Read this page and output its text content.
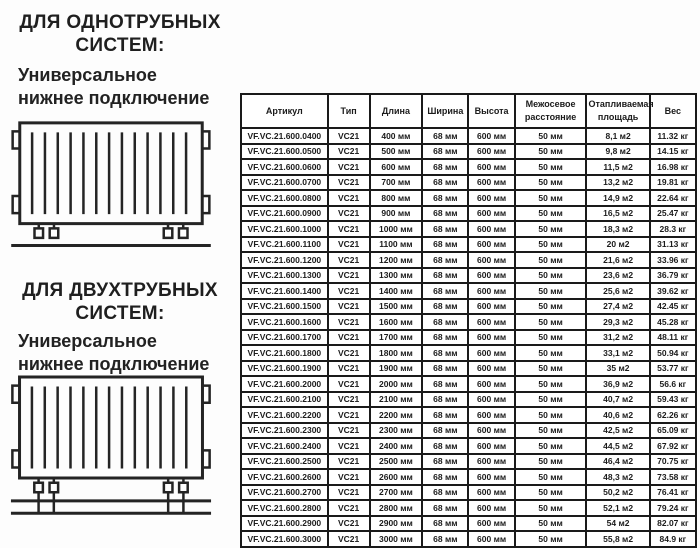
ДЛЯ ОДНОТРУБНЫХ
СИСТЕМ:
Универсальное
нижнее подключение
ДЛЯ ДВУХТРУБНЫХ
СИСТЕМ:
Универсальное
нижнее подключение
Артикул	Тип	Длина	Ширина	Высота	Межосевое расстояние	Отапливаемая площадь	Вес
VF.VC.21.600.0400	VC21	400 мм	68 мм	600 мм	50 мм	8,1 м2	11.32 кг
VF.VC.21.600.0500	VC21	500 мм	68 мм	600 мм	50 мм	9,8 м2	14.15 кг
VF.VC.21.600.0600	VC21	600 мм	68 мм	600 мм	50 мм	11,5 м2	16.98 кг
VF.VC.21.600.0700	VC21	700 мм	68 мм	600 мм	50 мм	13,2 м2	19.81 кг
VF.VC.21.600.0800	VC21	800 мм	68 мм	600 мм	50 мм	14,9 м2	22.64 кг
VF.VC.21.600.0900	VC21	900 мм	68 мм	600 мм	50 мм	16,5 м2	25.47 кг
VF.VC.21.600.1000	VC21	1000 мм	68 мм	600 мм	50 мм	18,3 м2	28.3 кг
VF.VC.21.600.1100	VC21	1100 мм	68 мм	600 мм	50 мм	20 м2	31.13 кг
VF.VC.21.600.1200	VC21	1200 мм	68 мм	600 мм	50 мм	21,6 м2	33.96 кг
VF.VC.21.600.1300	VC21	1300 мм	68 мм	600 мм	50 мм	23,6 м2	36.79 кг
VF.VC.21.600.1400	VC21	1400 мм	68 мм	600 мм	50 мм	25,6 м2	39.62 кг
VF.VC.21.600.1500	VC21	1500 мм	68 мм	600 мм	50 мм	27,4 м2	42.45 кг
VF.VC.21.600.1600	VC21	1600 мм	68 мм	600 мм	50 мм	29,3 м2	45.28 кг
VF.VC.21.600.1700	VC21	1700 мм	68 мм	600 мм	50 мм	31,2 м2	48.11 кг
VF.VC.21.600.1800	VC21	1800 мм	68 мм	600 мм	50 мм	33,1 м2	50.94 кг
VF.VC.21.600.1900	VC21	1900 мм	68 мм	600 мм	50 мм	35 м2	53.77 кг
VF.VC.21.600.2000	VC21	2000 мм	68 мм	600 мм	50 мм	36,9 м2	56.6 кг
VF.VC.21.600.2100	VC21	2100 мм	68 мм	600 мм	50 мм	40,7 м2	59.43 кг
VF.VC.21.600.2200	VC21	2200 мм	68 мм	600 мм	50 мм	40,6 м2	62.26 кг
VF.VC.21.600.2300	VC21	2300 мм	68 мм	600 мм	50 мм	42,5 м2	65.09 кг
VF.VC.21.600.2400	VC21	2400 мм	68 мм	600 мм	50 мм	44,5 м2	67.92 кг
VF.VC.21.600.2500	VC21	2500 мм	68 мм	600 мм	50 мм	46,4 м2	70.75 кг
VF.VC.21.600.2600	VC21	2600 мм	68 мм	600 мм	50 мм	48,3 м2	73.58 кг
VF.VC.21.600.2700	VC21	2700 мм	68 мм	600 мм	50 мм	50,2 м2	76.41 кг
VF.VC.21.600.2800	VC21	2800 мм	68 мм	600 мм	50 мм	52,1 м2	79.24 кг
VF.VC.21.600.2900	VC21	2900 мм	68 мм	600 мм	50 мм	54 м2	82.07 кг
VF.VC.21.600.3000	VC21	3000 мм	68 мм	600 мм	50 мм	55,8 м2	84.9 кг
